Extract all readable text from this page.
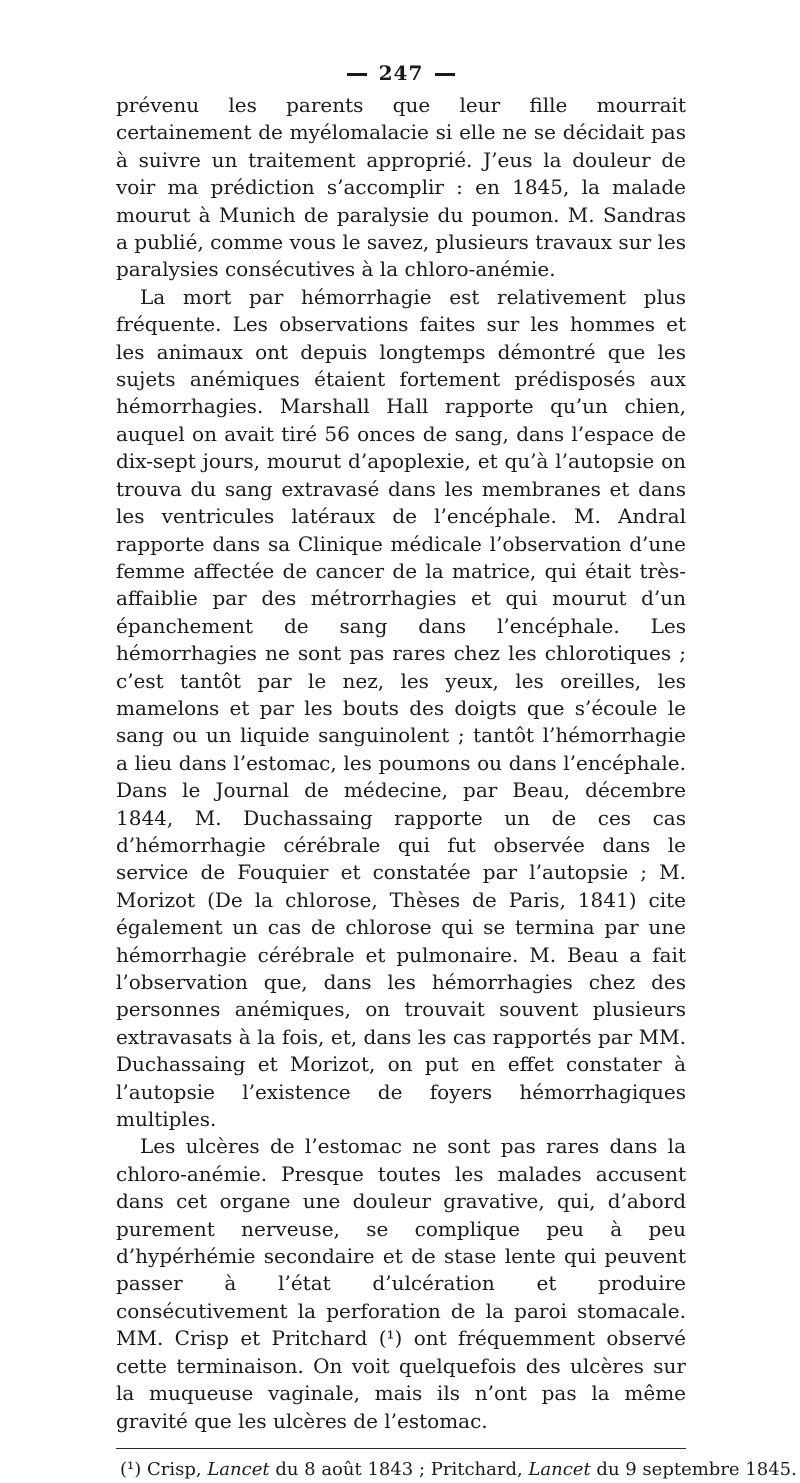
247

prévenu les parents que leur fille mourrait certainement de myélomalacie si elle ne se décidait pas à suivre un traitement approprié. J’eus la douleur de voir ma prédiction s’accomplir : en 1845, la malade mourut à Munich de paralysie du poumon. M. Sandras a publié, comme vous le savez, plusieurs travaux sur les paralysies consécutives à la chloro-anémie.

La mort par hémorrhagie est relativement plus fréquente. Les observations faites sur les hommes et les animaux ont depuis longtemps démontré que les sujets anémiques étaient fortement prédisposés aux hémorrhagies. Marshall Hall rapporte qu’un chien, auquel on avait tiré 56 onces de sang, dans l’espace de dix-sept jours, mourut d’apoplexie, et qu’à l’autopsie on trouva du sang extravasé dans les membranes et dans les ventricules latéraux de l’encéphale. M. Andral rapporte dans sa Clinique médicale l’observation d’une femme affectée de cancer de la matrice, qui était très-affaiblie par des métrorrhagies et qui mourut d’un épanchement de sang dans l’encéphale. Les hémorrhagies ne sont pas rares chez les chlorotiques ; c’est tantôt par le nez, les yeux, les oreilles, les mamelons et par les bouts des doigts que s’écoule le sang ou un liquide sanguinolent ; tantôt l’hémorrhagie a lieu dans l’estomac, les poumons ou dans l’encéphale. Dans le Journal de médecine, par Beau, décembre 1844, M. Duchassaing rapporte un de ces cas d’hémorrhagie cérébrale qui fut observée dans le service de Fouquier et constatée par l’autopsie ; M. Morizot (De la chlorose, Thèses de Paris, 1841) cite également un cas de chlorose qui se termina par une hémorrhagie cérébrale et pulmonaire. M. Beau a fait l’observation que, dans les hémorrhagies chez des personnes anémiques, on trouvait souvent plusieurs extravasats à la fois, et, dans les cas rapportés par MM. Duchassaing et Morizot, on put en effet constater à l’autopsie l’existence de foyers hémorrhagiques multiples.

Les ulcères de l’estomac ne sont pas rares dans la chloro-anémie. Presque toutes les malades accusent dans cet organe une douleur gravative, qui, d’abord purement nerveuse, se complique peu à peu d’hypérhémie secondaire et de stase lente qui peuvent passer à l’état d’ulcération et produire consécutivement la perforation de la paroi stomacale. MM. Crisp et Pritchard (¹) ont fréquemment observé cette terminaison. On voit quelquefois des ulcères sur la muqueuse vaginale, mais ils n’ont pas la même gravité que les ulcères de l’estomac.

(¹) Crisp, Lancet du 8 août 1843 ; Pritchard, Lancet du 9 septembre 1845.
